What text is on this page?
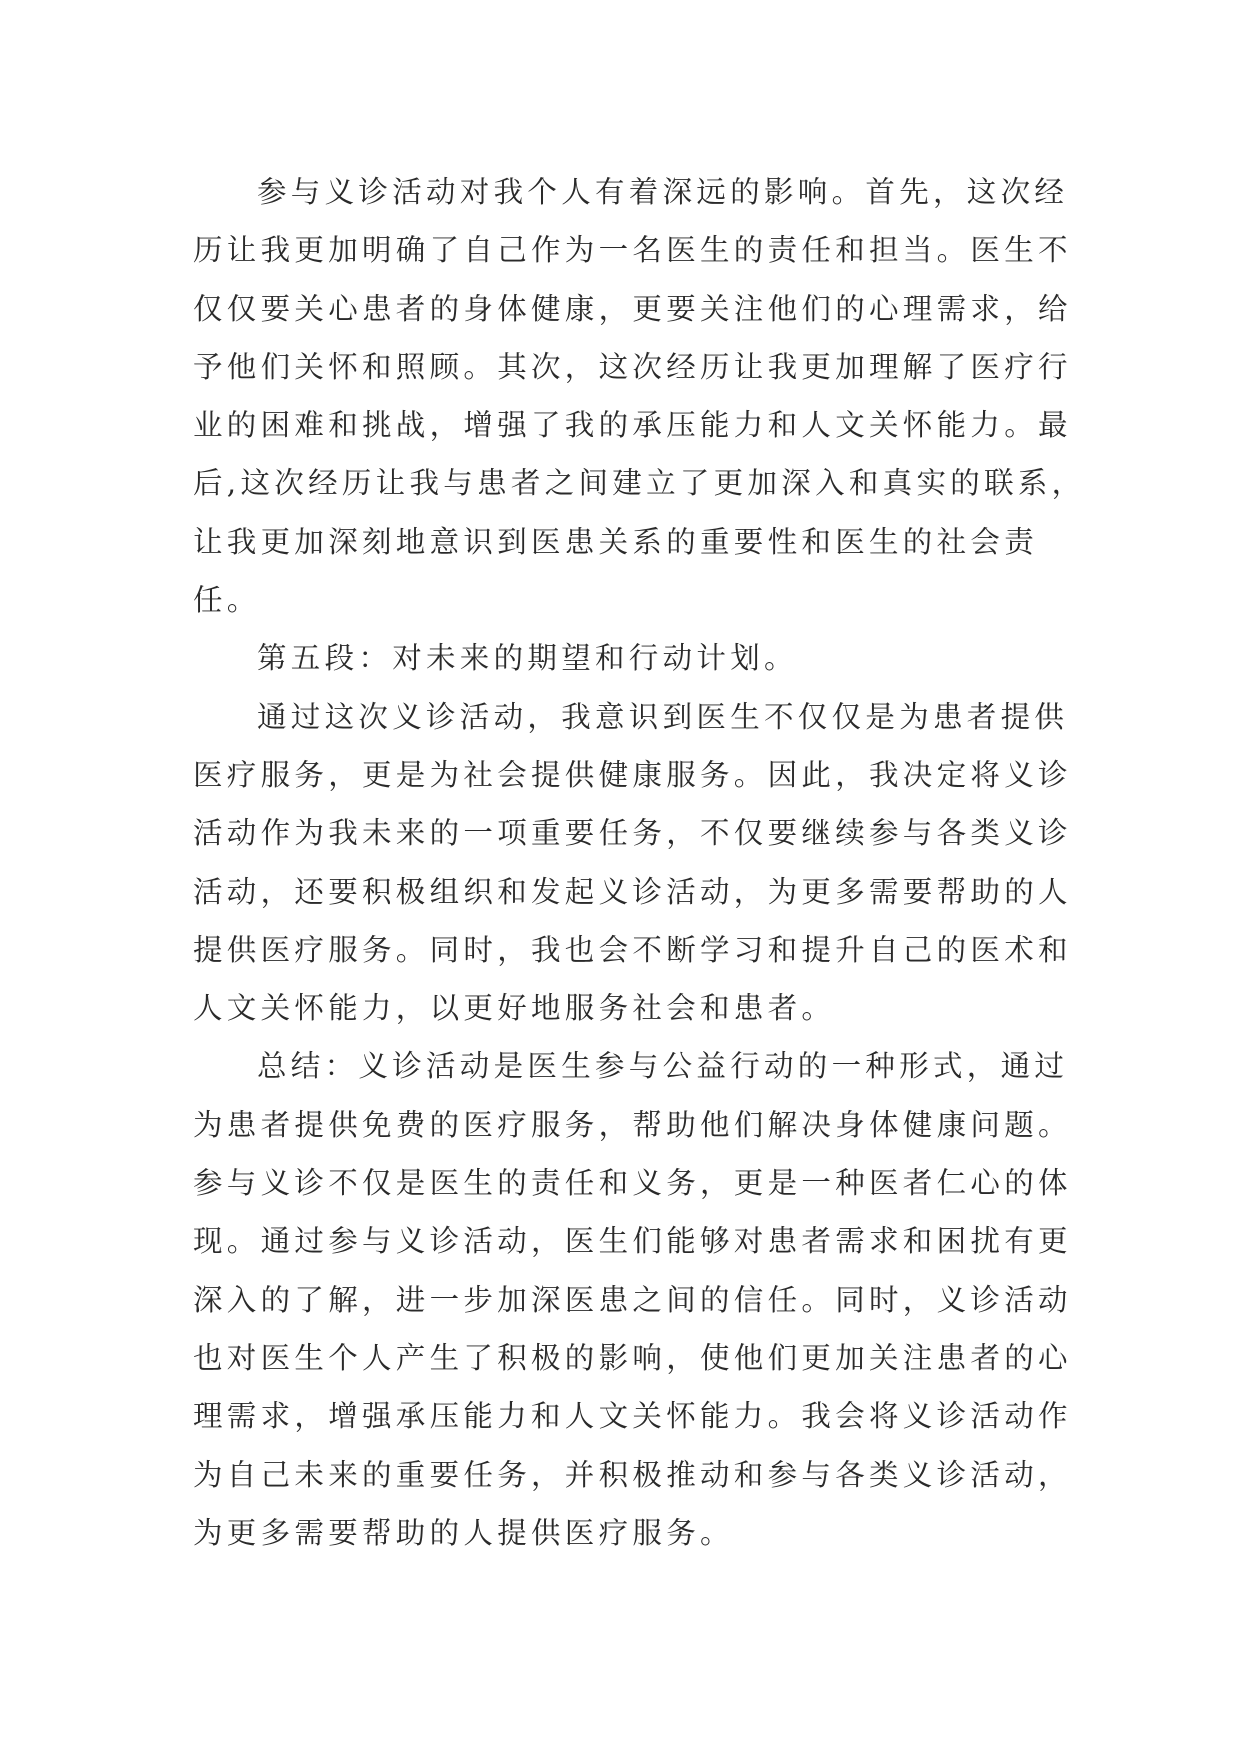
参与义诊活动对我个人有着深远的影响。首先，这次经
历让我更加明确了自己作为一名医生的责任和担当。医生不
仅仅要关心患者的身体健康，更要关注他们的心理需求，给
予他们关怀和照顾。其次，这次经历让我更加理解了医疗行
业的困难和挑战，增强了我的承压能力和人文关怀能力。最
后,这次经历让我与患者之间建立了更加深入和真实的联系，
让我更加深刻地意识到医患关系的重要性和医生的社会责
任。
第五段：对未来的期望和行动计划。
通过这次义诊活动，我意识到医生不仅仅是为患者提供
医疗服务，更是为社会提供健康服务。因此，我决定将义诊
活动作为我未来的一项重要任务，不仅要继续参与各类义诊
活动，还要积极组织和发起义诊活动，为更多需要帮助的人
提供医疗服务。同时，我也会不断学习和提升自己的医术和
人文关怀能力，以更好地服务社会和患者。
总结：义诊活动是医生参与公益行动的一种形式，通过
为患者提供免费的医疗服务，帮助他们解决身体健康问题。
参与义诊不仅是医生的责任和义务，更是一种医者仁心的体
现。通过参与义诊活动，医生们能够对患者需求和困扰有更
深入的了解，进一步加深医患之间的信任。同时，义诊活动
也对医生个人产生了积极的影响，使他们更加关注患者的心
理需求，增强承压能力和人文关怀能力。我会将义诊活动作
为自己未来的重要任务，并积极推动和参与各类义诊活动，
为更多需要帮助的人提供医疗服务。
